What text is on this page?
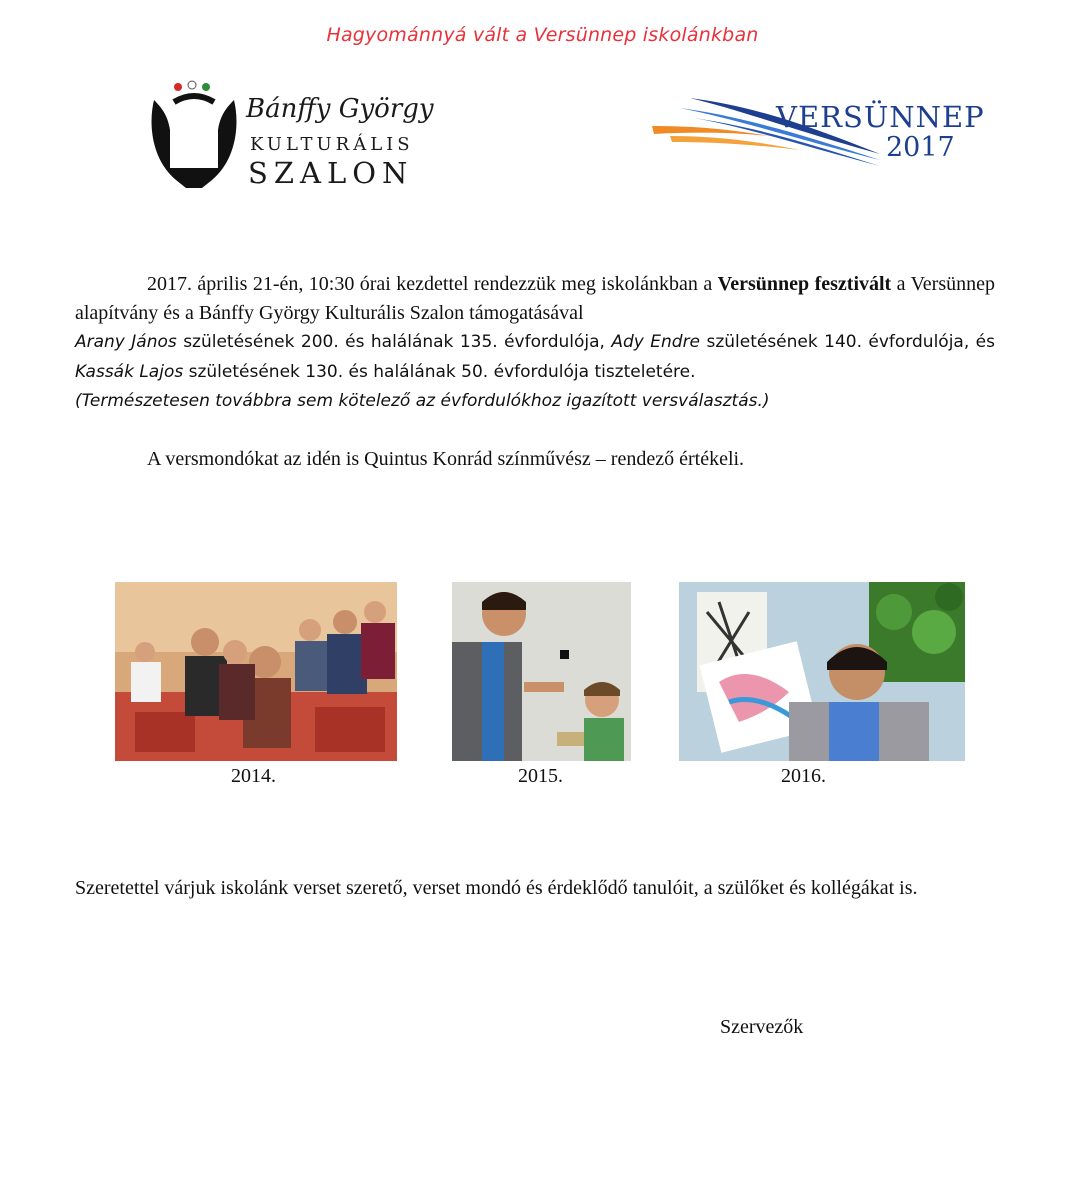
Hagyománnyá vált a Versünnep iskolánkban
Bánffy György
KULTURÁLIS
SZALON
VERSÜNNEP
2017
2017. április 21-én, 10:30 órai kezdettel rendezzük meg iskolánkban a Versünnep fesztivált a Versünnep alapítvány és a Bánffy György Kulturális Szalon támogatásával
Arany János születésének 200. és halálának 135. évfordulója, Ady Endre születésének 140. évfordulója, és Kassák Lajos születésének 130. és halálának 50. évfordulója tiszteletére.
(Természetesen továbbra sem kötelező az évfordulókhoz igazított versválasztás.)
A versmondókat az idén is Quintus Konrád színművész – rendező értékeli.
2014.	2015.	2016.
Szeretettel várjuk iskolánk verset szerető, verset mondó és érdeklődő tanulóit, a szülőket és kollégákat is.
Szervezők
